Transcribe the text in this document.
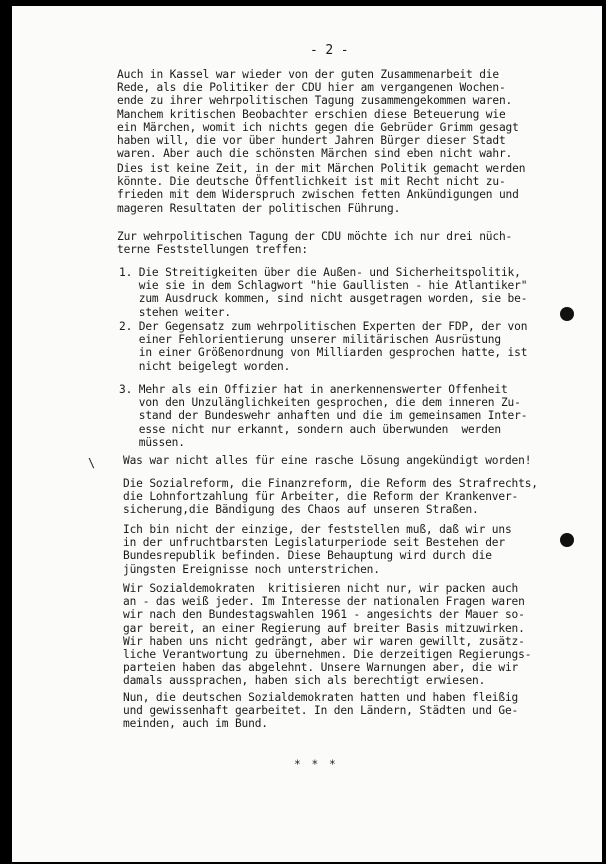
- 2 -
Auch in Kassel war wieder von der guten Zusammenarbeit die
Rede, als die Politiker der CDU hier am vergangenen Wochen-
ende zu ihrer wehrpolitischen Tagung zusammengekommen waren.
Manchem kritischen Beobachter erschien diese Beteuerung wie
ein Märchen, womit ich nichts gegen die Gebrüder Grimm gesagt
haben will, die vor über hundert Jahren Bürger dieser Stadt
waren. Aber auch die schönsten Märchen sind eben nicht wahr.
Dies ist keine Zeit, in der mit Märchen Politik gemacht werden
könnte. Die deutsche Öffentlichkeit ist mit Recht nicht zu-
frieden mit dem Widerspruch zwischen fetten Ankündigungen und
mageren Resultaten der politischen Führung.
Zur wehrpolitischen Tagung der CDU möchte ich nur drei nüch-
terne Feststellungen treffen:
1. Die Streitigkeiten über die Außen- und Sicherheitspolitik,
wie sie in dem Schlagwort "hie Gaullisten - hie Atlantiker"
zum Ausdruck kommen, sind nicht ausgetragen worden, sie be-
stehen weiter.
2. Der Gegensatz zum wehrpolitischen Experten der FDP, der von
einer Fehlorientierung unserer militärischen Ausrüstung
in einer Größenordnung von Milliarden gesprochen hatte, ist
nicht beigelegt worden.
3. Mehr als ein Offizier hat in anerkennenswerter Offenheit
von den Unzulänglichkeiten gesprochen, die dem inneren Zu-
stand der Bundeswehr anhaften und die im gemeinsamen Inter-
esse nicht nur erkannt, sondern auch überwunden  werden
müssen.
Was war nicht alles für eine rasche Lösung angekündigt worden!
Die Sozialreform, die Finanzreform, die Reform des Strafrechts,
die Lohnfortzahlung für Arbeiter, die Reform der Krankenver-
sicherung,die Bändigung des Chaos auf unseren Straßen.
Ich bin nicht der einzige, der feststellen muß, daß wir uns
in der unfruchtbarsten Legislaturperiode seit Bestehen der
Bundesrepublik befinden. Diese Behauptung wird durch die
jüngsten Ereignisse noch unterstrichen.
Wir Sozialdemokraten  kritisieren nicht nur, wir packen auch
an - das weiß jeder. Im Interesse der nationalen Fragen waren
wir nach den Bundestagswahlen 1961 - angesichts der Mauer so-
gar bereit, an einer Regierung auf breiter Basis mitzuwirken.
Wir haben uns nicht gedrängt, aber wir waren gewillt, zusätz-
liche Verantwortung zu übernehmen. Die derzeitigen Regierungs-
parteien haben das abgelehnt. Unsere Warnungen aber, die wir
damals aussprachen, haben sich als berechtigt erwiesen.
Nun, die deutschen Sozialdemokraten hatten und haben fleißig
und gewissenhaft gearbeitet. In den Ländern, Städten und Ge-
meinden, auch im Bund.
* * *
\
